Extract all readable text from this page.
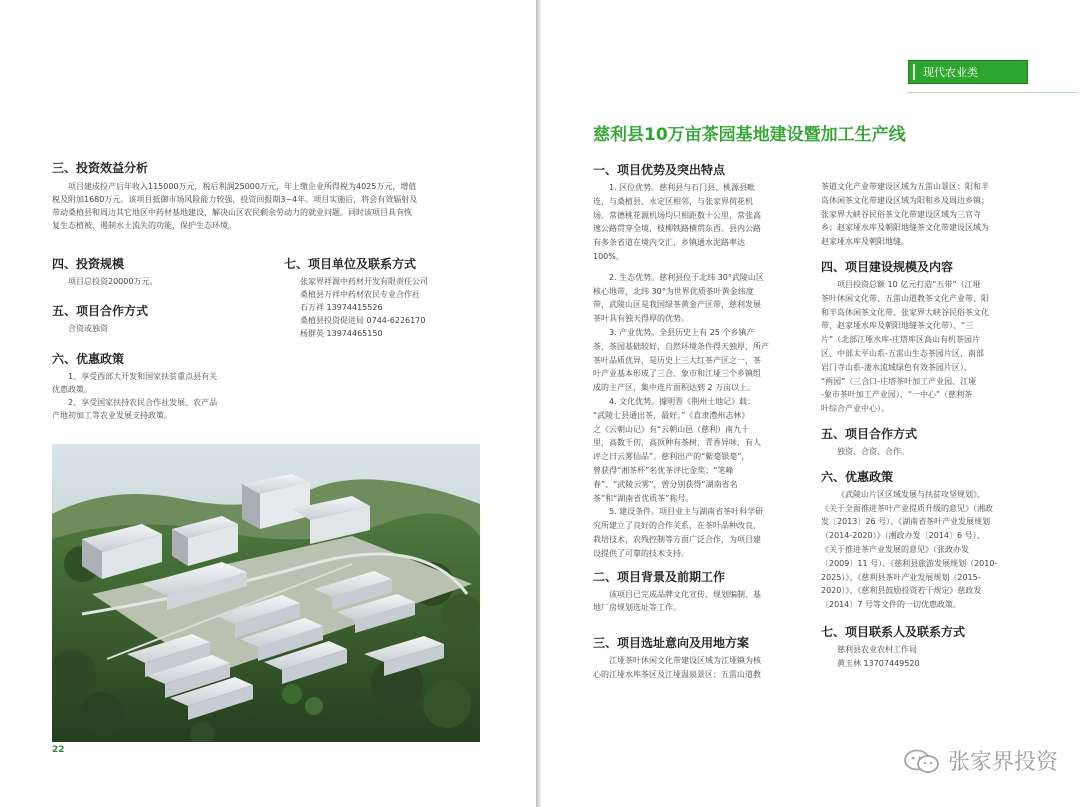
三、投资效益分析
项目建成投产后年收入115000万元，税后利润25000万元，年上缴企业所得税为4025万元，增值
税及附加1680万元。该项目抵御市场风险能力较强，投资回报期3~4年。项目实施后，将会有效辐射及
带动桑植县和周边其它地区中药材基地建设，解决山区农民剩余劳动力的就业问题。同时该项目具有恢
复生态植被、遏制水土流失的功能，保护生态环境。
四、投资规模
项目总投资20000万元。
五、项目合作方式
合资或独资
六、优惠政策
1、享受西部大开发和国家扶贫重点县有关
优惠政策。
2、享受国家扶持农民合作社发展、农产品
产地初加工等农业发展支持政策。
七、项目单位及联系方式
张家界祥源中药材开发有限责任公司
桑植县万祥中药材农民专业合作社
石万祥 13974415526
桑植县投资促进局 0744-6226170
杨群英 13974465150
22
现代农业类
慈利县10万亩茶园基地建设暨加工生产线
一、项目优势及突出特点
1. 区位优势。慈利县与石门县、桃源县毗
连，与桑植县、永定区相邻，与张家界荷花机
场、常德桃花源机场均只相距数十公里，常张高
速公路贯穿全境，枝柳铁路横贯东西。县内公路
有多条省道在境内交汇，乡镇通水泥路率达
100%。
2. 生态优势。慈利县位于北纬 30°武陵山区
核心地带，北纬 30°为世界优质茶叶黄金纬度
带，武陵山区是我国绿茶黄金产区带，慈利发展
茶叶具有独天得厚的优势。
3. 产业优势。全县历史上有 25 个乡镇产
茶，茶园基础较好，自然环境条件得天独厚，所产
茶叶品质优异，是历史上三大红茶产区之一，茶
叶产业基本形成了三合、象市和江垭三个乡镇组
成的主产区，集中连片面积达到 2 万亩以上。
4. 文化优势。據明晋《荆州土地记》载：
“武陵七县通出茶，最好。”《直隶澧州志林》
之《云朝山记》有“云朝山邑（慈利）南九十
里，高数千仞，高顶种有茶树，青香异味，有人
评之曰云雾仙品”。慈利出产的“紫毫银毫”，
曾获得“湘茶杯”名优茶评比金奖；“笔峰
春”、“武陵云雾”，曾分别获得“湖南省名
茶”和“湖南省优质茶”称号。
5. 建设条件。项目业主与湖南省茶叶科学研
究所建立了良好的合作关系，在茶叶品种改良，
栽培技术，农残控制等方面广泛合作，为项目建
设提供了可靠的技术支持。
二、项目背景及前期工作
该项目已完成品牌文化宣传、规划编制、基
地厂房规划选址等工作。
三、项目选址意向及用地方案
江垭茶叶休闲文化带建设区域为江垭镇为核
心的江垭水库茶区及江垭温泉景区；五雷山道教
茶道文化产业带建设区域为五雷山景区；阳和半
岛休闲茶文化带建设区域为阳和乡及周边乡镇；
张家界大峡谷民俗茶文化带建设区域为三官寺
乡；赵家垭水库及朝阳地缝茶文化带建设区域为
赵家垭水库及朝阳地缝。
四、项目建设规模及内容
项目投资总额 10 亿元打造“五带”（江垭
茶叶休闲文化带、五雷山道教茶文化产业带、阳
和半岛休闲茶文化带、张家界大峡谷民俗茶文化
带、赵家垭水库及朝阳地缝茶文化带）、“三
片”（北部江垭水库-庄塔库区高山有机茶园片
区、中部太平山系-五雷山生态茶园片区、南部
岩门寺山系-溇水流域绿色有效茶园片区）、
“两园”（三合口-庄塔茶叶加工产业园、江垭
-象市茶叶加工产业园）、“一中心”（慈利茶
叶综合产业中心）。
五、项目合作方式
独资、合资、合作。
六、优惠政策
《武陵山片区区域发展与扶贫攻坚规划》、
《关于全面推进茶叶产业提质升级的意见》（湘政
发〔2013〕26 号）、《湖南省茶叶产业发展规划
（2014-2020）》（湘政办发〔2014〕6 号）、
《关于推进茶产业发展的意见》（张政办发
〔2009〕11 号）、《慈利县旅游发展规划（2010-
2025）》、《慈利县茶叶产业发展规划（2015-
2020）》、《慈利县鼓励投资若干规定》慈政发
〔2014〕7 号等文件的一切优惠政策。
七、项目联系人及联系方式
慈利县农业农村工作局
黄玉林 13707449520
张家界投资
